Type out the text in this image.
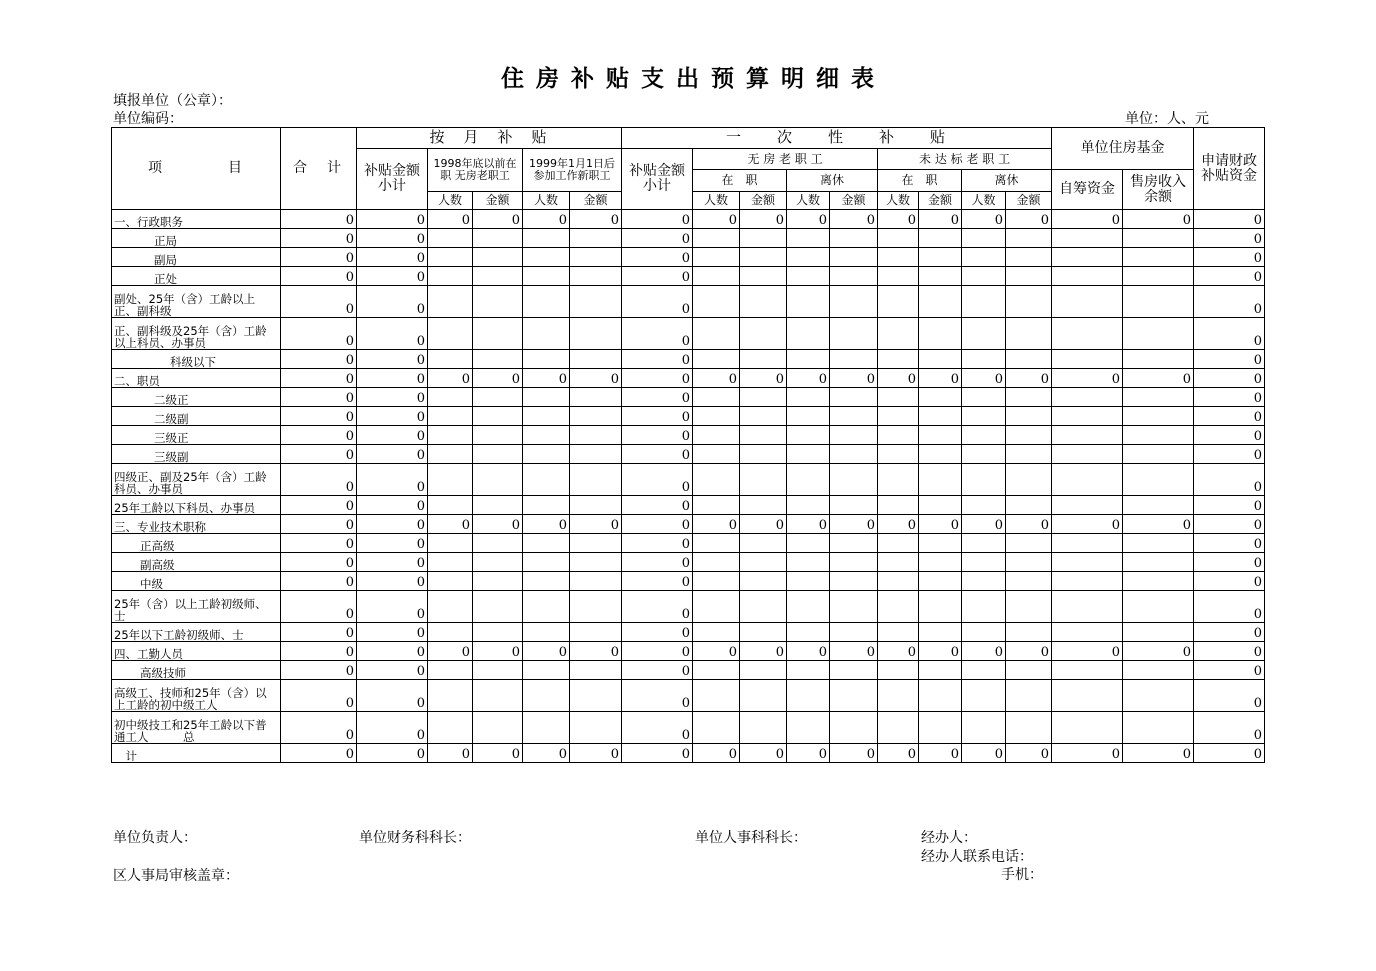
住 房 补 贴 支 出 预 算 明 细 表
填报单位（公章）：
单位编码：	单位：人、元
项　　　　目	合　计	按　月　补　贴					一　　次　　性　　补　　贴									单位住房基金		申请财政补贴资金
		补贴金额小计	1998年底以前在职 无房老职工		1999年1月1日后参加工作新职工		补贴金额小计	无 房 老 职 工				未 达 标 老 职 工						
								在　职		离休		在　职		离休		自筹资金	售房收入余额	
			人数	金额	人数	金额		人数	金额	人数	金额	人数	金额	人数	金额			
一、行政职务	0	0	0	0	0	0	0	0	0	0	0	0	0	0	0	0	0	0
正局	0	0					0											0
副局	0	0					0											0
正处	0	0					0											0
副处、25年（含）工龄以上正、副科级	0	0					0											0
正、副科级及25年（含）工龄以上科员、办事员	0	0					0											0
科级以下	0	0					0											0
二、职员	0	0	0	0	0	0	0	0	0	0	0	0	0	0	0	0	0	0
二级正	0	0					0											0
二级副	0	0					0											0
三级正	0	0					0											0
三级副	0	0					0											0
四级正、副及25年（含）工龄科员、办事员	0	0					0											0
25年工龄以下科员、办事员	0	0					0											0
三、专业技术职称	0	0	0	0	0	0	0	0	0	0	0	0	0	0	0	0	0	0
正高级	0	0					0											0
副高级	0	0					0											0
中级	0	0					0											0
25年（含）以上工龄初级师、士	0	0					0											0
25年以下工龄初级师、士	0	0					0											0
四、工勤人员	0	0	0	0	0	0	0	0	0	0	0	0	0	0	0	0	0	0
高级技师	0	0					0											0
高级工、技师和25年（含）以上工龄的初中级工人	0	0					0											0
初中级技工和25年工龄以下普通工人　　　总	0	0					0											0
　计	0	0	0	0	0	0	0	0	0	0	0	0	0	0	0	0	0	0
单位负责人：	单位财务科科长：	单位人事科科长：	经办人：
经办人联系电话：
手机：
区人事局审核盖章：
